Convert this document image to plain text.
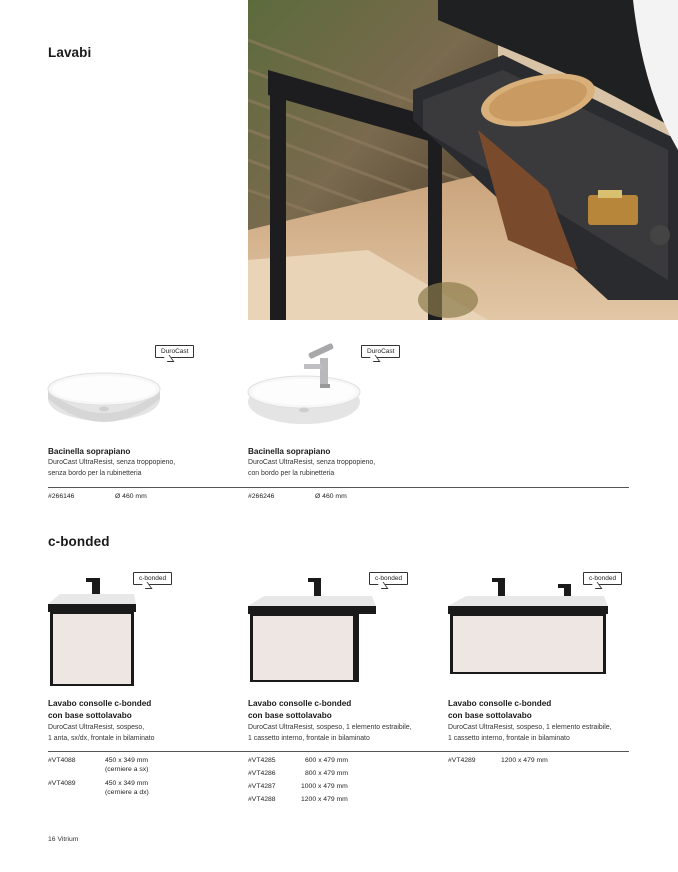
Lavabi
DuroCast	DuroCast
Bacinella soprapiano
DuroCast UltraResist, senza troppopieno,
senza bordo per la rubinetteria
Bacinella soprapiano
DuroCast UltraResist, senza troppopieno,
con bordo per la rubinetteria
#266146	Ø 460 mm	#266246	Ø 460 mm
c-bonded
c-bonded	c-bonded	c-bonded
Lavabo consolle c-bonded
con base sottolavabo
DuroCast UltraResist, sospeso,
1 anta, sx/dx, frontale in bilaminato
Lavabo consolle c-bonded
con base sottolavabo
DuroCast UltraResist, sospeso, 1 elemento estraibile,
1 cassetto interno, frontale in bilaminato
Lavabo consolle c-bonded
con base sottolavabo
DuroCast UltraResist, sospeso, 1 elemento estraibile,
1 cassetto interno, frontale in bilaminato
#VT4088	450 x 349 mm
(cerniere a sx)
#VT4089	450 x 349 mm
(cerniere a dx)
#VT4285	600 x 479 mm
#VT4286	800 x 479 mm
#VT4287	1000 x 479 mm
#VT4288	1200 x 479 mm
#VT4289	1200 x 479 mm
16 Vitrium
